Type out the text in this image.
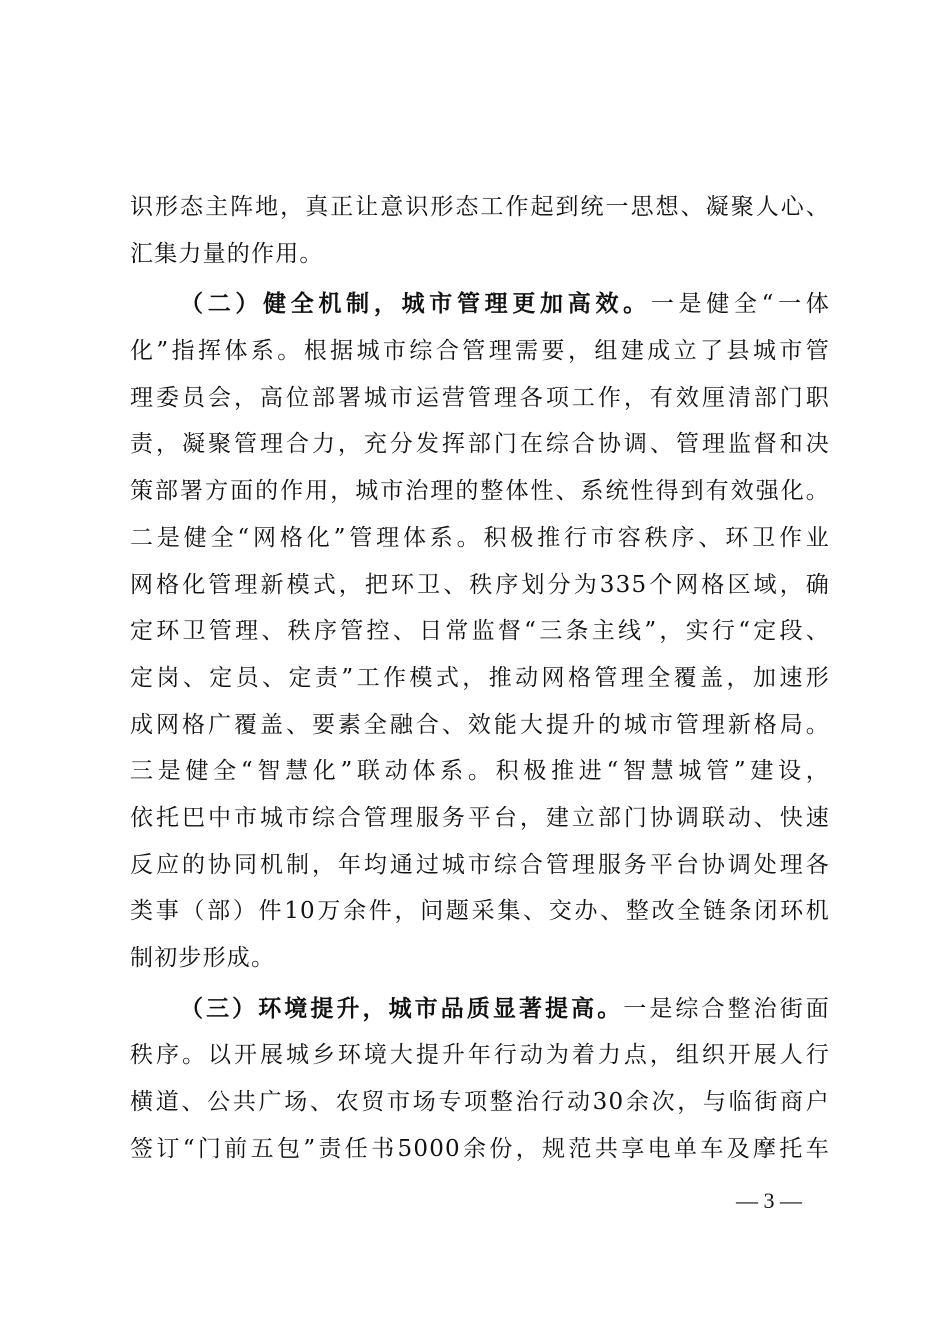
识形态主阵地，真正让意识形态工作起到统一思想、凝聚人心、
汇集力量的作用。
（二）健全机制，城市管理更加高效。一是健全“一体
化”指挥体系。根据城市综合管理需要，组建成立了县城市管
理委员会，高位部署城市运营管理各项工作，有效厘清部门职
责，凝聚管理合力，充分发挥部门在综合协调、管理监督和决
策部署方面的作用，城市治理的整体性、系统性得到有效强化。
二是健全“网格化”管理体系。积极推行市容秩序、环卫作业
网格化管理新模式，把环卫、秩序划分为335个网格区域，确
定环卫管理、秩序管控、日常监督“三条主线”，实行“定段、
定岗、定员、定责”工作模式，推动网格管理全覆盖，加速形
成网格广覆盖、要素全融合、效能大提升的城市管理新格局。
三是健全“智慧化”联动体系。积极推进“智慧城管”建设，
依托巴中市城市综合管理服务平台，建立部门协调联动、快速
反应的协同机制，年均通过城市综合管理服务平台协调处理各
类事（部）件10万余件，问题采集、交办、整改全链条闭环机
制初步形成。
（三）环境提升，城市品质显著提高。一是综合整治街面
秩序。以开展城乡环境大提升年行动为着力点，组织开展人行
横道、公共广场、农贸市场专项整治行动30余次，与临街商户
签订“门前五包”责任书5000余份，规范共享电单车及摩托车
— 3 —
